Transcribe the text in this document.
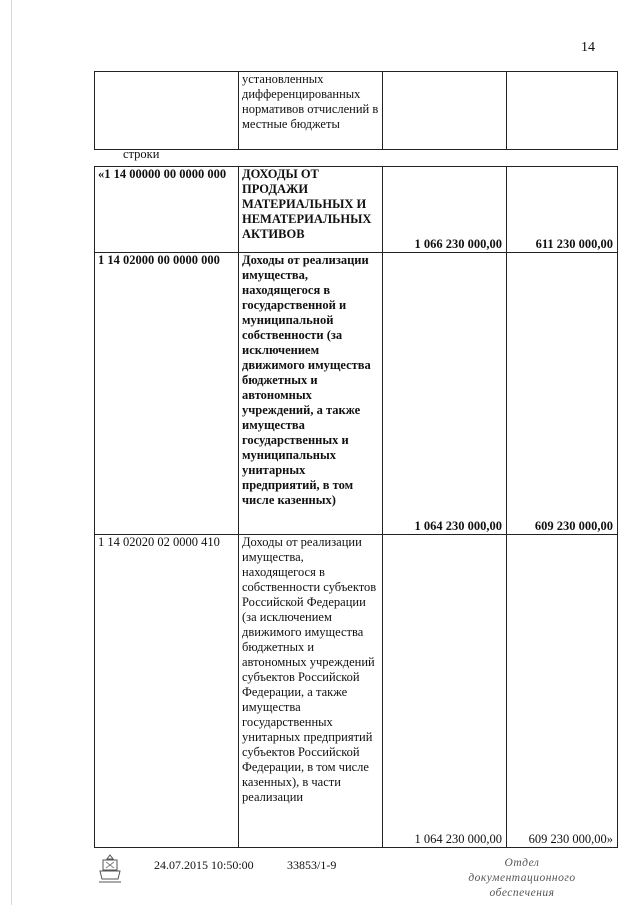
14
	установленных дифференцированных нормативов отчислений в местные бюджеты		

«1 14 00000 00 0000 000	ДОХОДЫ ОТ ПРОДАЖИ МАТЕРИАЛЬНЫХ И НЕМАТЕРИАЛЬНЫХ АКТИВОВ	1 066 230 000,00	611 230 000,00
1 14 02000 00 0000 000	Доходы от реализации имущества, находящегося в государственной и муниципальной собственности (за исключением движимого имущества бюджетных и автономных учреждений, а также имущества государственных и муниципальных унитарных предприятий, в том числе казенных)	1 064 230 000,00	609 230 000,00
1 14 02020 02 0000 410	Доходы от реализации имущества, находящегося в собственности субъектов Российской Федерации (за исключением движимого имущества бюджетных и автономных учреждений субъектов Российской Федерации, а также имущества государственных унитарных предприятий субъектов Российской Федерации, в том числе казенных), в части реализации	1 064 230 000,00	609 230 000,00»
строки
24.07.2015 10:50:00	33853/1-9	Отдел документационного обеспечения
